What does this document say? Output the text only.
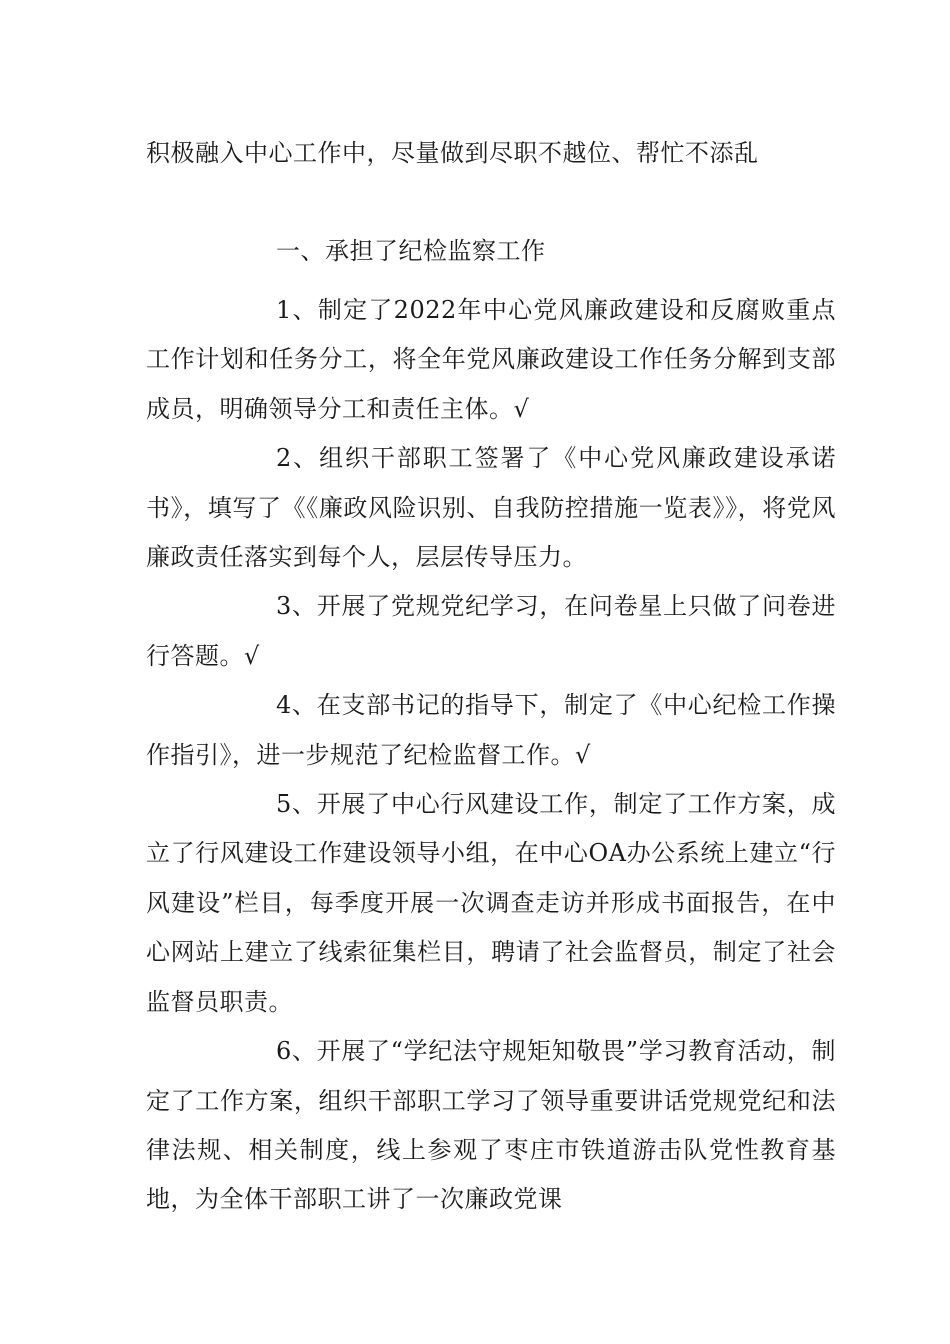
积极融入中心工作中，尽量做到尽职不越位、帮忙不添乱
一、承担了纪检监察工作

1、制定了2022年中心党风廉政建设和反腐败重点工作计划和任务分工，将全年党风廉政建设工作任务分解到支部成员，明确领导分工和责任主体。√

2、组织干部职工签署了《中心党风廉政建设承诺书》，填写了《《廉政风险识别、自我防控措施一览表》》，将党风廉政责任落实到每个人，层层传导压力。

3、开展了党规党纪学习，在问卷星上只做了问卷进行答题。√

4、在支部书记的指导下，制定了《中心纪检工作操作指引》，进一步规范了纪检监督工作。√

5、开展了中心行风建设工作，制定了工作方案，成立了行风建设工作建设领导小组，在中心OA办公系统上建立“行风建设”栏目，每季度开展一次调查走访并形成书面报告，在中心网站上建立了线索征集栏目，聘请了社会监督员，制定了社会监督员职责。

6、开展了“学纪法守规矩知敬畏”学习教育活动，制定了工作方案，组织干部职工学习了领导重要讲话党规党纪和法律法规、相关制度，线上参观了枣庄市铁道游击队党性教育基地，为全体干部职工讲了一次廉政党课
